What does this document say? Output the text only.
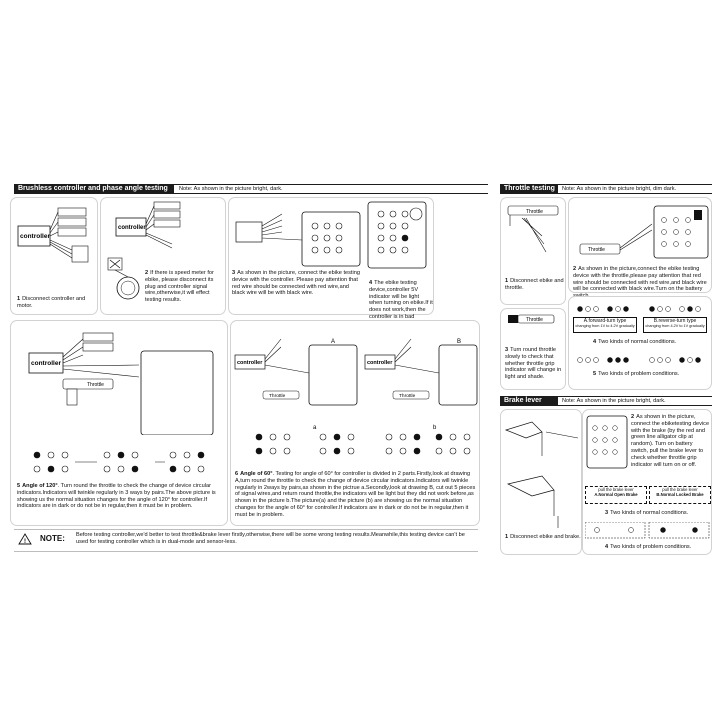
Brushless controller and phase angle testing	Note: As shown in the picture bright, dark.
controller
1 Disconnect controller and motor.
controller
2 If there is speed meter for ebike, please disconnect its plug and controller signal wire,otherwise,it will effect testing results.
3 As shown in the picture, connect the ebike testing device with the controller. Please pay attention that red wire should be connected with red wire,and black wire will be with black wire.
4 The ebike testing device,controller 5V indicator will be light when turning on ebike.If it does not work,then the controller is in bad
controller
Throttle
5 Angle of 120°. Turn round the throttle to check the change of device circular indicators.Indicators will twinkle regularly in 3 ways by pairs.The above picture is showing us the normal situation changes for the angle of 120° for controller.If indicators are in dark or do not be in regular,then it must be in problem.
controller
A
Throttle
controller
B
Throttle
a	b
6 Angle of 60°. Testing for angle of 60° for controller is divided in 2 parts.Firstly,look at drawing A,turn round the throttle to check the change of device circular indicators.Indicators will twinkle regularly in 2ways by pairs,as shown in the pictrue a.Secondly,look at drawing B, cut out 5 pieces of signal wires,and return round throttle,the indicators will be light but they did not work before,as shown in the picture b.The picture(a) and the picture (b) are showing us the normal situation changes for the angle of 60° for controller.If indicators are in dark or do not be in regular,then it must be in problem.
! NOTE: Before testing controller,we'd better to test throttle&brake lever firstly,otherwise,there will be some wrong testing results.Meanwhile,this testing device can't be used for testing controller which is in dual-mode and sensor-less.
Throttle testing	Note: As shown in the picture bright, dim dark.
Throttle
1 Disconnect ebike and throttle.
Throttle
2 As shown in the picture,connect the ebike testing device with the throttle,please pay attention that red wire should be connected with red wire,and black wire will be connected with black wire.Turn on the battery
Throttle
3 Turn round throttle slowly to check that whether throttle grip indicator will change in light and shade.
A.forward-turn type
changing from 1V to 4.2V gradually
B.reverse-turn type
changing from 4.2V to 1V gradually
4 Two kinds of normal conditions.
5 Two kinds of problem conditions.
Brake lever	Note: As shown in the picture bright, dark.
1 Disconnect ebike and brake.
2 As shown in the picture, connect the ebiketesting device with the brake (by the red and green line alligator clip at random). Turn on battery switch, pull the brake lever to check whether throttle grip indicator will turn on or off.
pull the brake lever
A.Normal Open Brake
pull the brake lever
B.Normal Locked Brake
3 Two kinds of normal conditions.
4 Two kinds of problem conditions.
